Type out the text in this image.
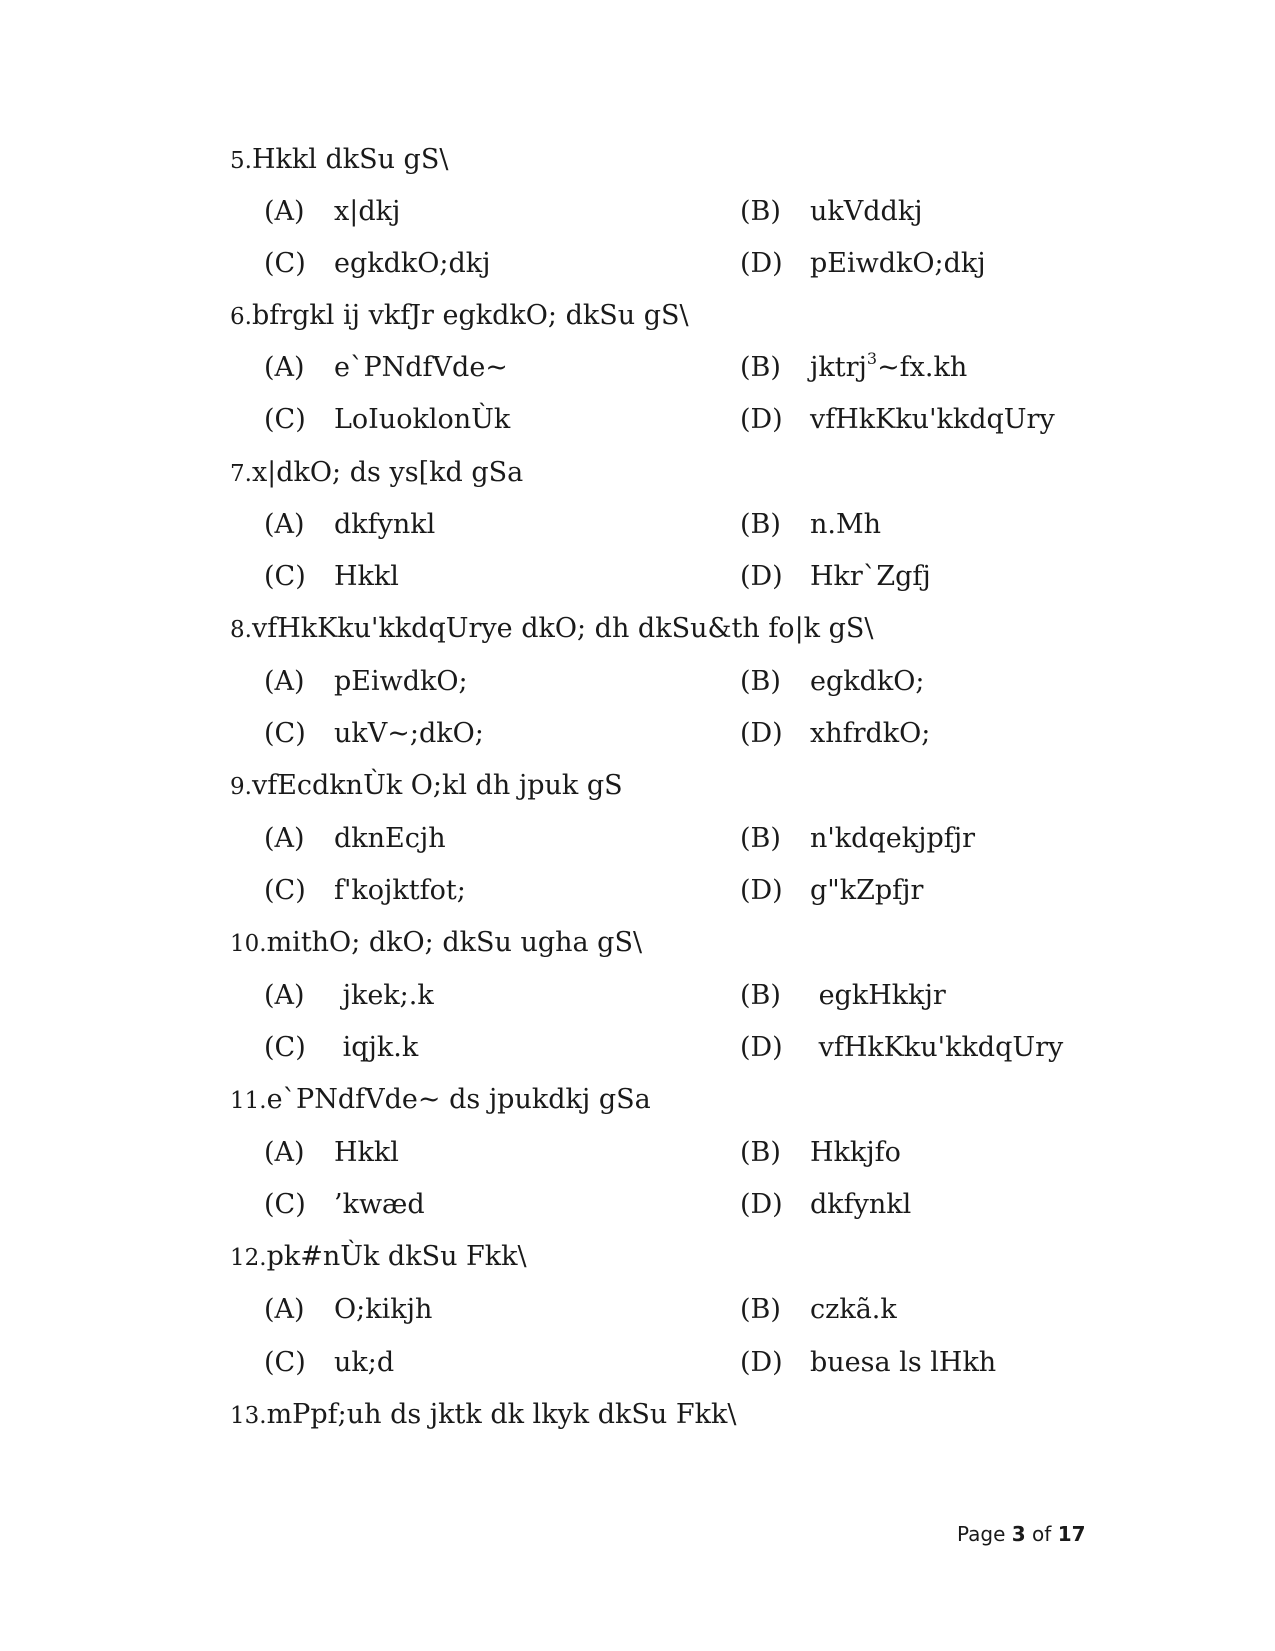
5.Hkkl dkSu gS\
(A) x|dkj	(B) ukVddkj
(C) egkdkO;dkj	(D) pEiwdkO;dkj
6.bfrgkl ij vkfJr egkdkO; dkSu gS\
(A) e`PNdfVde~	(B) jktrj$^3$~fx.kh
(C) LoIuoklonÙk	(D) vfHkKku'kkdqUry
7.x|dkO; ds ys[kd gSa
(A) dkfynkl	(B) n.Mh
(C) Hkkl	(D) Hkr`Zgfj
8.vfHkKku'kkdqUrye dkO; dh dkSu&th fo|k gS\
(A) pEiwdkO;	(B) egkdkO;
(C) ukV~;dkO;	(D) xhfrdkO;
9.vfEcdknÙk O;kl dh jpuk gS
(A) dknEcjh	(B) n'kdqekjpfjr
(C) f'kojktfot;	(D) g"kZpfjr
10.mithO; dkO; dkSu ugha gS\
(A) jkek;.k	(B) egkHkkjr
(C) iqjk.k	(D) vfHkKku'kkdqUry
11.e`PNdfVde~ ds jpukdkj gSa
(A) Hkkl	(B) Hkkjfo
(C) ’kwæd	(D) dkfynkl
12.pk#nÙk dkSu Fkk\
(A) O;kikjh	(B) czkã.k
(C) uk;d	(D) buesa ls lHkh
13.mPpf;uh ds jktk dk lkyk dkSu Fkk\
Page 3 of 17
